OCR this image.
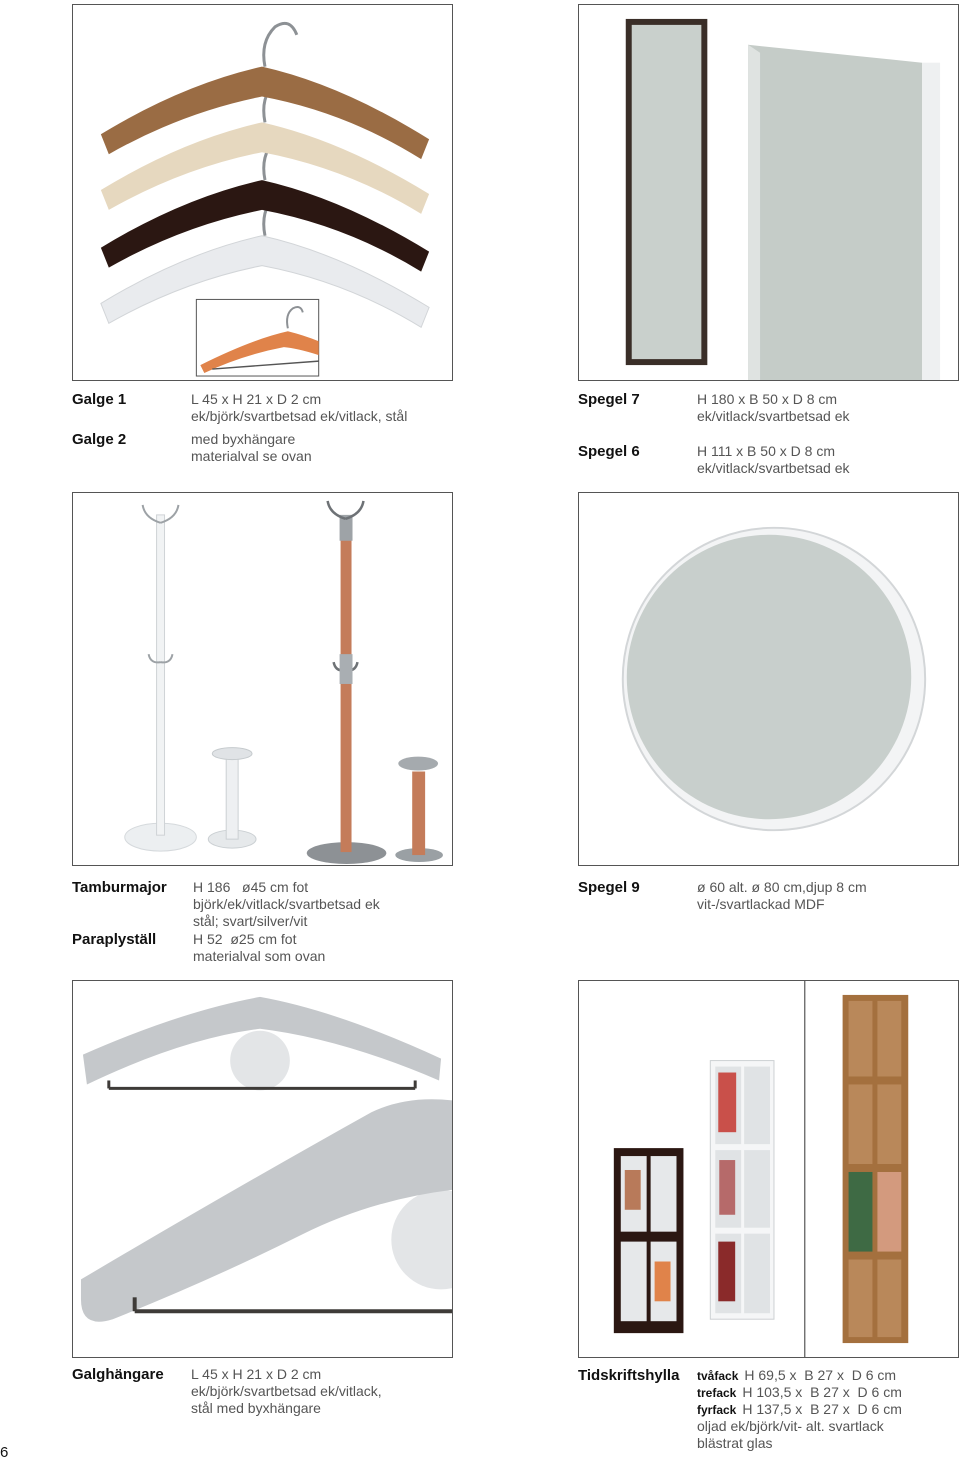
Galge 1	L 45 x H 21 x D 2 cm
ek/björk/svartbetsad ek/vitlack, stål
Galge 2	med byxhängare
materialval se ovan
Spegel 7	H 180 x B 50 x D 8 cm
ek/vitlack/svartbetsad ek
Spegel 6	H 111 x B 50 x D 8 cm
ek/vitlack/svartbetsad ek
Tamburmajor H 186   ø45 cm fot
björk/ek/vitlack/svartbetsad ek
stål; svart/silver/vit
Paraplyställ	H 52  ø25 cm fot
materialval som ovan
Spegel 9	ø 60 alt. ø 80 cm,djup 8 cm
vit-/svartlackad MDF
Galghängare L 45 x H 21 x D 2 cm
ek/björk/svartbetsad ek/vitlack,
stål med byxhängare
Tidskriftshylla tvåfack H 69,5 x  B 27 x  D 6 cm
trefack H 103,5 x  B 27 x  D 6 cm
fyrfack H 137,5 x  B 27 x  D 6 cm
oljad ek/björk/vit- alt. svartlack
blästrat glas
6
